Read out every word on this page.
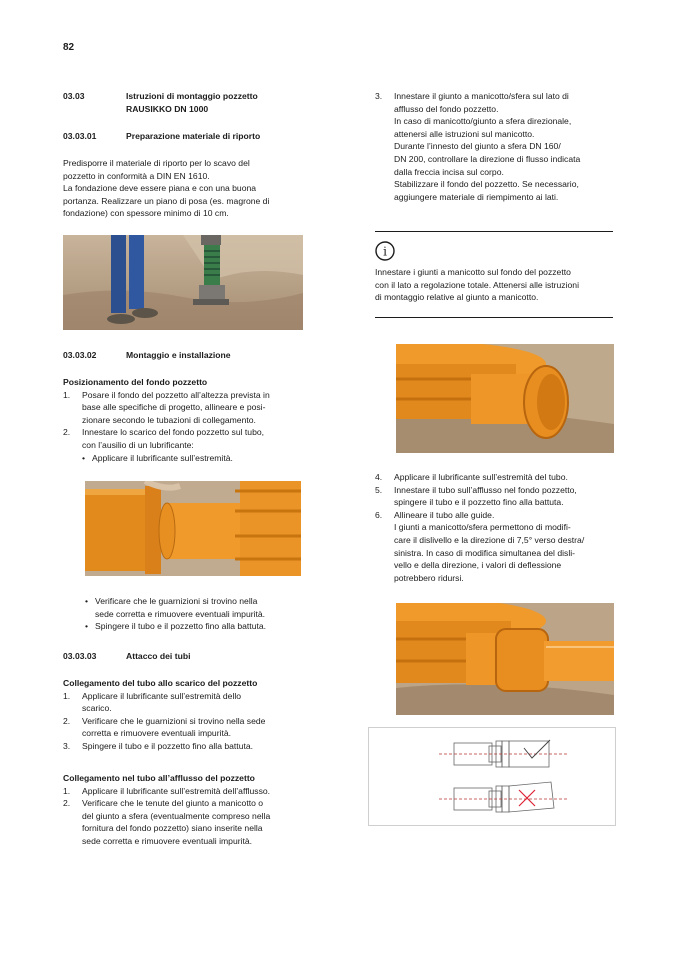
82
03.03	Istruzioni di montaggio pozzetto
RAUSIKKO DN 1000
03.03.01	Preparazione materiale di riporto

Predisporre il materiale di riporto per lo scavo del

pozzetto in conformità a DIN EN 1610.

La fondazione deve essere piana e con una buona

portanza. Realizzare un piano di posa (es. magrone di

fondazione) con spessore minimo di 10 cm.

03.03.02	Montaggio e installazione

Posizionamento del fondo pozzetto

1.	Posare il fondo del pozzetto all’altezza prevista in
base alle specifiche di progetto, allineare e posi-
zionare secondo le tubazioni di collegamento.
2.	Innestare lo scarico del fondo pozzetto sul tubo,
con l’ausilio di un lubrificante:
• Applicare il lubrificante sull’estremità.
• Verificare che le guarnizioni si trovino nella
sede corretta e rimuovere eventuali impurità.
• Spingere il tubo e il pozzetto fino alla battuta.
03.03.03	Attacco dei tubi

Collegamento del tubo allo scarico del pozzetto

1.	Applicare il lubrificante sull’estremità dello
scarico.
2.	Verificare che le guarnizioni si trovino nella sede
corretta e rimuovere eventuali impurità.
3.	Spingere il tubo e il pozzetto fino alla battuta.

Collegamento nel tubo all’afflusso del pozzetto

1.	Applicare il lubrificante sull’estremità dell’afflusso.
2.	Verificare che le tenute del giunto a manicotto o
del giunto a sfera (eventualmente compreso nella
fornitura del fondo pozzetto) siano inserite nella
sede corretta e rimuovere eventuali impurità.
3.	Innestare il giunto a manicotto/sfera sul lato di
afflusso del fondo pozzetto.
In caso di manicotto/giunto a sfera direzionale,
attenersi alle istruzioni sul manicotto.
Durante l’innesto del giunto a sfera DN 160/
DN 200, controllare la direzione di flusso indicata
dalla freccia incisa sul corpo.
Stabilizzare il fondo del pozzetto. Se necessario,
aggiungere materiale di riempimento ai lati.
i

Innestare i giunti a manicotto sul fondo del pozzetto

con il lato a regolazione totale. Attenersi alle istruzioni

di montaggio relative al giunto a manicotto.

4.	Applicare il lubrificante sull’estremità del tubo.
5.	Innestare il tubo sull’afflusso nel fondo pozzetto,
spingere il tubo e il pozzetto fino alla battuta.
6.	Allineare il tubo alle guide.
I giunti a manicotto/sfera permettono di modifi-
care il dislivello e la direzione di 7,5° verso destra/
sinistra. In caso di modifica simultanea del disli-
vello e della direzione, i valori di deflessione
potrebbero ridursi.
